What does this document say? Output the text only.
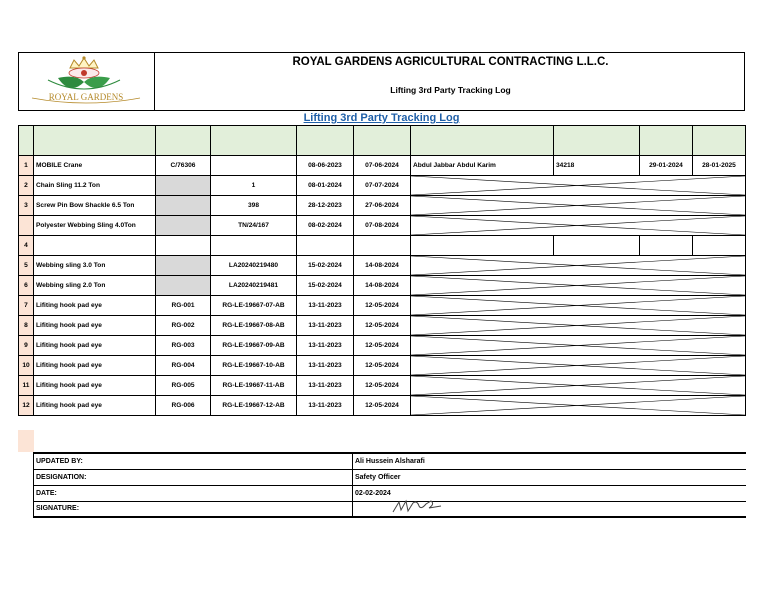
ROYAL GARDENS
ROYAL GARDENS AGRICULTURAL CONTRACTING L.L.C.
Lifting 3rd Party Tracking Log
Lifting 3rd Party Tracking Log

1	MOBILE Crane	C/76306		08-06-2023	07-06-2024	Abdul Jabbar Abdul Karim	34218	29-01-2024	28-01-2025
2	Chain Sling 11.2 Ton		1	08-01-2024	07-07-2024	

3	Screw Pin Bow Shackle 6.5 Ton		398	28-12-2023	27-06-2024	

	Polyester Webbing Sling 4.0Ton		TN/24/167	08-02-2024	07-08-2024	

4									
5	Webbing sling 3.0 Ton		LA20240219480	15-02-2024	14-08-2024	

6	Webbing sling 2.0 Ton		LA20240219481	15-02-2024	14-08-2024	

7	Lifiting hook pad eye	RG-001	RG-LE-19667-07-AB	13-11-2023	12-05-2024	

8	Lifiting hook pad eye	RG-002	RG-LE-19667-08-AB	13-11-2023	12-05-2024	

9	Lifiting hook pad eye	RG-003	RG-LE-19667-09-AB	13-11-2023	12-05-2024	

10	Lifiting hook pad eye	RG-004	RG-LE-19667-10-AB	13-11-2023	12-05-2024	

11	Lifiting hook pad eye	RG-005	RG-LE-19667-11-AB	13-11-2023	12-05-2024	

12	Lifiting hook pad eye	RG-006	RG-LE-19667-12-AB	13-11-2023	12-05-2024	
UPDATED BY:	Ali Hussein Alsharafi
DESIGNATION:	Safety Officer
DATE:	02-02-2024
SIGNATURE:	
